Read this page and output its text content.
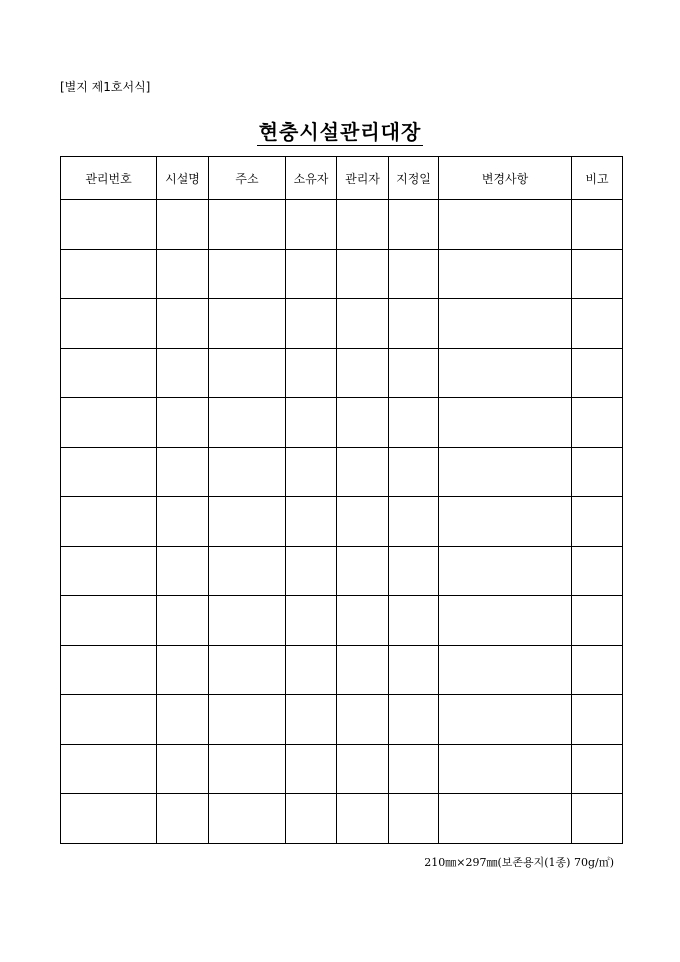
[별지 제1호서식]
현충시설관리대장
관리번호	시설명	주소	소유자	관리자	지정일	변경사항	비고

210㎜×297㎜(보존용지(1종) 70g/㎡)
